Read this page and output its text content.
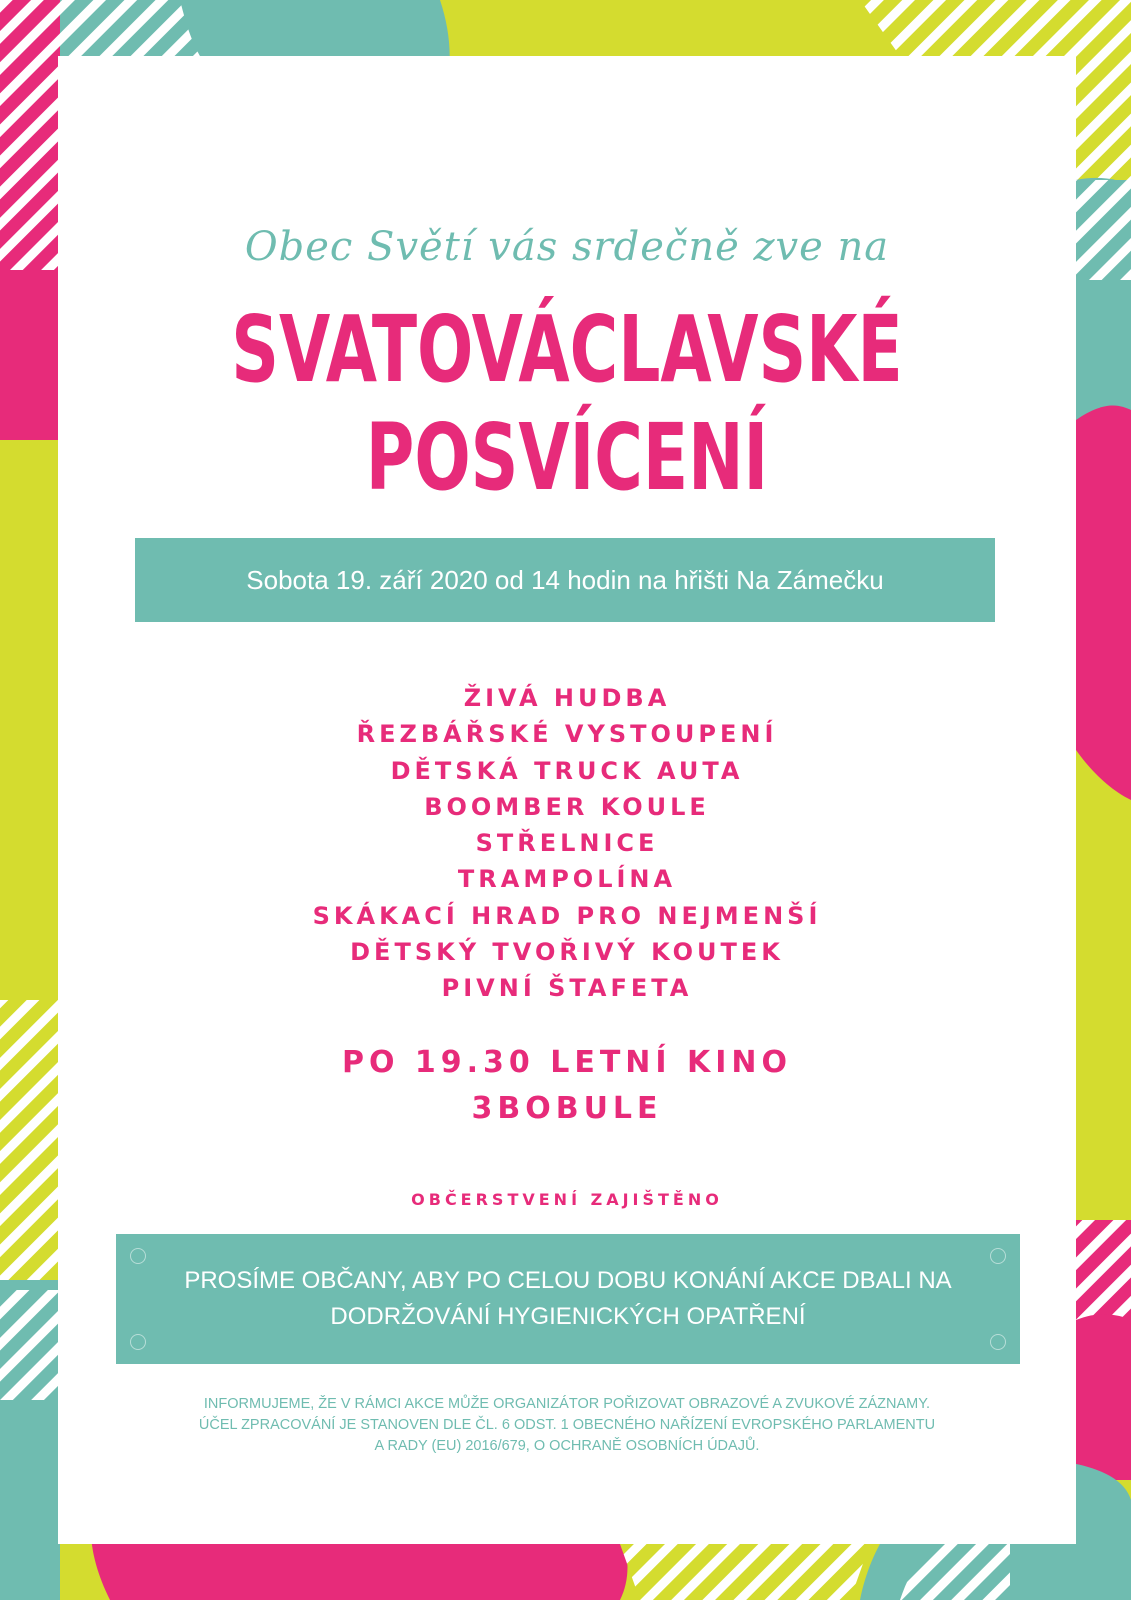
Obec Světí vás srdečně zve na
SVATOVÁCLAVSKÉ
POSVÍCENÍ
Sobota 19. září 2020 od 14 hodin na hřišti Na Zámečku
ŽIVÁ HUDBA
ŘEZBÁŘSKÉ VYSTOUPENÍ
DĚTSKÁ TRUCK AUTA
BOOMBER KOULE
STŘELNICE
TRAMPOLÍNA
SKÁKACÍ HRAD PRO NEJMENŠÍ
DĚTSKÝ TVOŘIVÝ KOUTEK
PIVNÍ ŠTAFETA
PO 19.30 LETNÍ KINO
3BOBULE
OBČERSTVENÍ ZAJIŠTĚNO
PROSÍME OBČANY, ABY PO CELOU DOBU KONÁNÍ AKCE DBALI NA DODRŽOVÁNÍ HYGIENICKÝCH OPATŘENÍ
INFORMUJEME, ŽE V RÁMCI AKCE MŮŽE ORGANIZÁTOR POŘIZOVAT OBRAZOVÉ A ZVUKOVÉ ZÁZNAMY.
ÚČEL ZPRACOVÁNÍ JE STANOVEN DLE ČL. 6 ODST. 1 OBECNÉHO NAŘÍZENÍ EVROPSKÉHO PARLAMENTU
A RADY (EU) 2016/679, O OCHRANĚ OSOBNÍCH ÚDAJŮ.
